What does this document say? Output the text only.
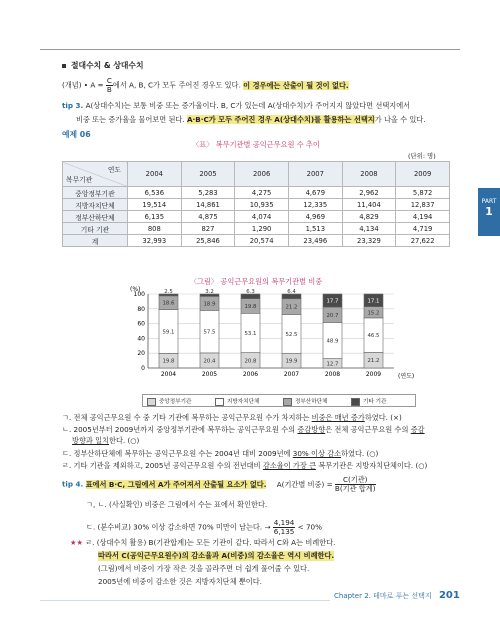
절대수치 & 상대수치
(개념) • $A = \frac{C}{B}$ 에서 A, B, C가 모두 주어진 경우도 있다. 이 경우에는 산출이 될 것이 없다.
tip 3. A(상대수치)는 보통 비중 또는 증가율이다. B, C가 있는데 A(상대수치)가 주어지지 않았다면 선택지에서
비중 또는 증가율을 물어보면 된다. A·B·C가 모두 주어진 경우 A(상대수치)를 활용하는 선택지가 나올 수 있다.
예제 06
〈표〉 복무기관별 공익근무요원 수 추이
(단위: 명)
연도
복무기관	2004	2005	2006	2007	2008	2009
중앙정부기관	6,536	5,283	4,275	4,679	2,962	5,872
지방자치단체	19,514	14,861	10,935	12,335	11,404	12,837
정부산하단체	6,135	4,875	4,074	4,969	4,829	4,194
기타 기관	808	827	1,290	1,513	4,134	4,719
계	32,993	25,846	20,574	23,496	23,329	27,622
〈그림〉 공익근무요원의 복무기관별 비중
(%)
0
20
40
60
80
100
19.8
59.1
18.6
2.5
2004
20.4
57.5
18.9
3.2
2005
20.8
53.1
19.8
6.3
2006
19.9
52.5
21.2
6.4
2007
12.7
48.9
20.7
17.7
2008
21.2
46.5
15.2
17.1
2009	(연도)
중앙정부기관	지방자치단체	정부산하단체	기타 기관
ㄱ. 전체 공익근무요원 수 중 기타 기관에 복무하는 공익근무요원 수가 차지하는 비중은 매년 증가하였다. (×)
ㄴ. 2005년부터 2009년까지 중앙정부기관에 복무하는 공익근무요원 수의 증감방향은 전체 공익근무요원 수의 증감
방향과 일치한다. (○)
ㄷ. 정부산하단체에 복무하는 공익근무요원 수는 2004년 대비 2009년에 30% 이상 감소하였다. (○)
ㄹ. 기타 기관을 제외하고, 2005년 공익근무요원 수의 전년대비 감소율이 가장 큰 복무기관은 지방자치단체이다. (○)
tip 4. 표에서 B·C, 그림에서 A가 주어져서 산출될 요소가 없다. A(기간별 비중) =	C(기관)
B(기관 합계)
ㄱ, ㄴ. (사실확인) 비중은 그림에서 수는 표에서 확인한다.
ㄷ. (분수비교) 30% 이상 감소하면 70% 미만이 남는다. → $\frac{4,194}{6,135} < 70\%$
★★ ㄹ. (상대수치 활용) B(기관합계)는 모든 기관이 같다. 따라서 C와 A는 비례한다.
따라서 C(공익근무요원수)의 감소율과 A(비중)의 감소율은 역시 비례한다.
(그림)에서 비중이 가장 작은 것을 골라주면 더 쉽게 풀어줄 수 있다.
2005년에 비중이 감소한 것은 지방자치단체 뿐이다.
Chapter 2. 테마로 푸는 선택지 201
PART
1
